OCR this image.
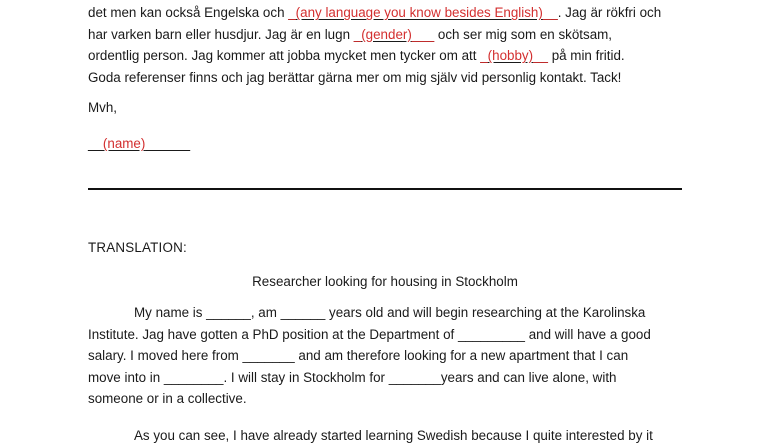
det men kan också Engelska och _(any language you know besides English)__. Jag är rökfri och

har varken barn eller husdjur. Jag är en lugn _(gender)___ och ser mig som en skötsam,

ordentlig person. Jag kommer att jobba mycket men tycker om att _(hobby)__ på min fritid.

Goda referenser finns och jag berättar gärna mer om mig själv vid personlig kontakt. Tack!

Mvh,
__(name)______
TRANSLATION:
Researcher looking for housing in Stockholm

My name is ______, am ______ years old and will begin researching at the Karolinska

Institute. Jag have gotten a PhD position at the Department of _________ and will have a good

salary. I moved here from _______ and am therefore looking for a new apartment that I can

move into in ________. I will stay in Stockholm for _______years and can live alone, with

someone or in a collective.

As you can see, I have already started learning Swedish because I quite interested by it
